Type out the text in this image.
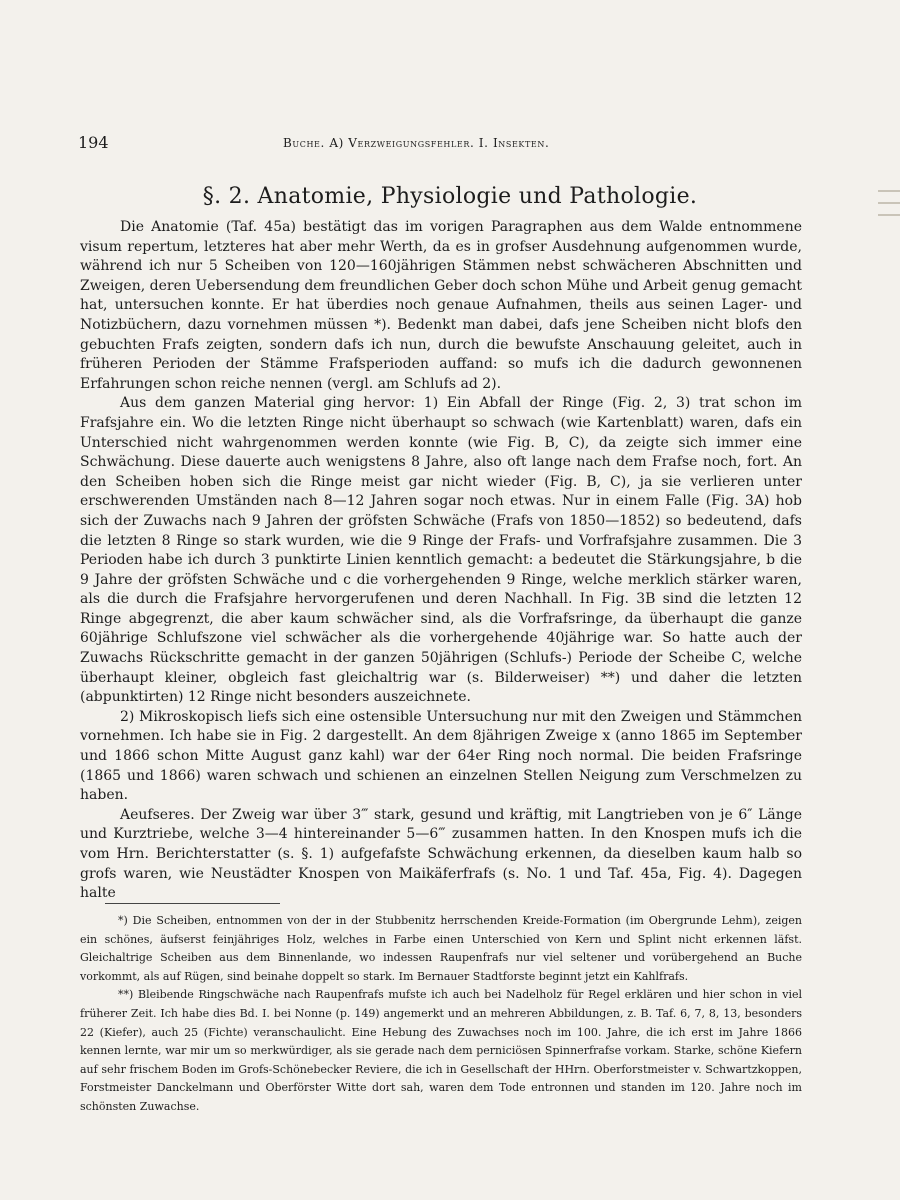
194	Buche. A) Verzweigungsfehler. I. Insekten.
§. 2. Anatomie, Physiologie und Pathologie.

Die Anatomie (Taf. 45a) bestätigt das im vorigen Paragraphen aus dem Walde entnommene visum repertum, letzteres hat aber mehr Werth, da es in grofser Ausdehnung aufgenommen wurde, während ich nur 5 Scheiben von 120—160jährigen Stämmen nebst schwächeren Abschnitten und Zweigen, deren Uebersendung dem freundlichen Geber doch schon Mühe und Arbeit genug gemacht hat, untersuchen konnte. Er hat überdies noch genaue Aufnahmen, theils aus seinen Lager- und Notizbüchern, dazu vornehmen müssen *). Bedenkt man dabei, dafs jene Scheiben nicht blofs den gebuchten Frafs zeigten, sondern dafs ich nun, durch die bewufste Anschauung geleitet, auch in früheren Perioden der Stämme Frafsperioden auffand: so mufs ich die dadurch gewonnenen Erfahrungen schon reiche nennen (vergl. am Schlufs ad 2).

Aus dem ganzen Material ging hervor: 1) Ein Abfall der Ringe (Fig. 2, 3) trat schon im Frafsjahre ein. Wo die letzten Ringe nicht überhaupt so schwach (wie Kartenblatt) waren, dafs ein Unterschied nicht wahrgenommen werden konnte (wie Fig. B, C), da zeigte sich immer eine Schwächung. Diese dauerte auch wenigstens 8 Jahre, also oft lange nach dem Frafse noch, fort. An den Scheiben hoben sich die Ringe meist gar nicht wieder (Fig. B, C), ja sie verlieren unter erschwerenden Umständen nach 8—12 Jahren sogar noch etwas. Nur in einem Falle (Fig. 3A) hob sich der Zuwachs nach 9 Jahren der gröfsten Schwäche (Frafs von 1850—1852) so bedeutend, dafs die letzten 8 Ringe so stark wurden, wie die 9 Ringe der Frafs- und Vorfrafsjahre zusammen. Die 3 Perioden habe ich durch 3 punktirte Linien kenntlich gemacht: a bedeutet die Stärkungsjahre, b die 9 Jahre der gröfsten Schwäche und c die vorhergehenden 9 Ringe, welche merklich stärker waren, als die durch die Frafsjahre hervorgerufenen und deren Nachhall. In Fig. 3B sind die letzten 12 Ringe abgegrenzt, die aber kaum schwächer sind, als die Vorfrafsringe, da überhaupt die ganze 60jährige Schlufszone viel schwächer als die vorhergehende 40jährige war. So hatte auch der Zuwachs Rückschritte gemacht in der ganzen 50jährigen (Schlufs-) Periode der Scheibe C, welche überhaupt kleiner, obgleich fast gleichaltrig war (s. Bilderweiser) **) und daher die letzten (abpunktirten) 12 Ringe nicht besonders auszeichnete.

2) Mikroskopisch liefs sich eine ostensible Untersuchung nur mit den Zweigen und Stämmchen vornehmen. Ich habe sie in Fig. 2 dargestellt. An dem 8jährigen Zweige x (anno 1865 im September und 1866 schon Mitte August ganz kahl) war der 64er Ring noch normal. Die beiden Frafsringe (1865 und 1866) waren schwach und schienen an einzelnen Stellen Neigung zum Verschmelzen zu haben.

Aeufseres. Der Zweig war über 3‴ stark, gesund und kräftig, mit Langtrieben von je 6″ Länge und Kurztriebe, welche 3—4 hintereinander 5—6‴ zusammen hatten. In den Knospen mufs ich die vom Hrn. Berichterstatter (s. §. 1) aufgefafste Schwächung erkennen, da dieselben kaum halb so grofs waren, wie Neustädter Knospen von Maikäferfrafs (s. No. 1 und Taf. 45a, Fig. 4). Dagegen halte

*) Die Scheiben, entnommen von der in der Stubbenitz herrschenden Kreide-Formation (im Obergrunde Lehm), zeigen ein schönes, äufserst feinjähriges Holz, welches in Farbe einen Unterschied von Kern und Splint nicht erkennen läfst. Gleichaltrige Scheiben aus dem Binnenlande, wo indessen Raupenfrafs nur viel seltener und vorübergehend an Buche vorkommt, als auf Rügen, sind beinahe doppelt so stark. Im Bernauer Stadtforste beginnt jetzt ein Kahlfrafs.

**) Bleibende Ringschwäche nach Raupenfrafs mufste ich auch bei Nadelholz für Regel erklären und hier schon in viel früherer Zeit. Ich habe dies Bd. I. bei Nonne (p. 149) angemerkt und an mehreren Abbildungen, z. B. Taf. 6, 7, 8, 13, besonders 22 (Kiefer), auch 25 (Fichte) veranschaulicht. Eine Hebung des Zuwachses noch im 100. Jahre, die ich erst im Jahre 1866 kennen lernte, war mir um so merkwürdiger, als sie gerade nach dem perniciösen Spinnerfrafse vorkam. Starke, schöne Kiefern auf sehr frischem Boden im Grofs-Schönebecker Reviere, die ich in Gesellschaft der HHrn. Oberforstmeister v. Schwartzkoppen, Forstmeister Danckelmann und Oberförster Witte dort sah, waren dem Tode entronnen und standen im 120. Jahre noch im schönsten Zuwachse.
